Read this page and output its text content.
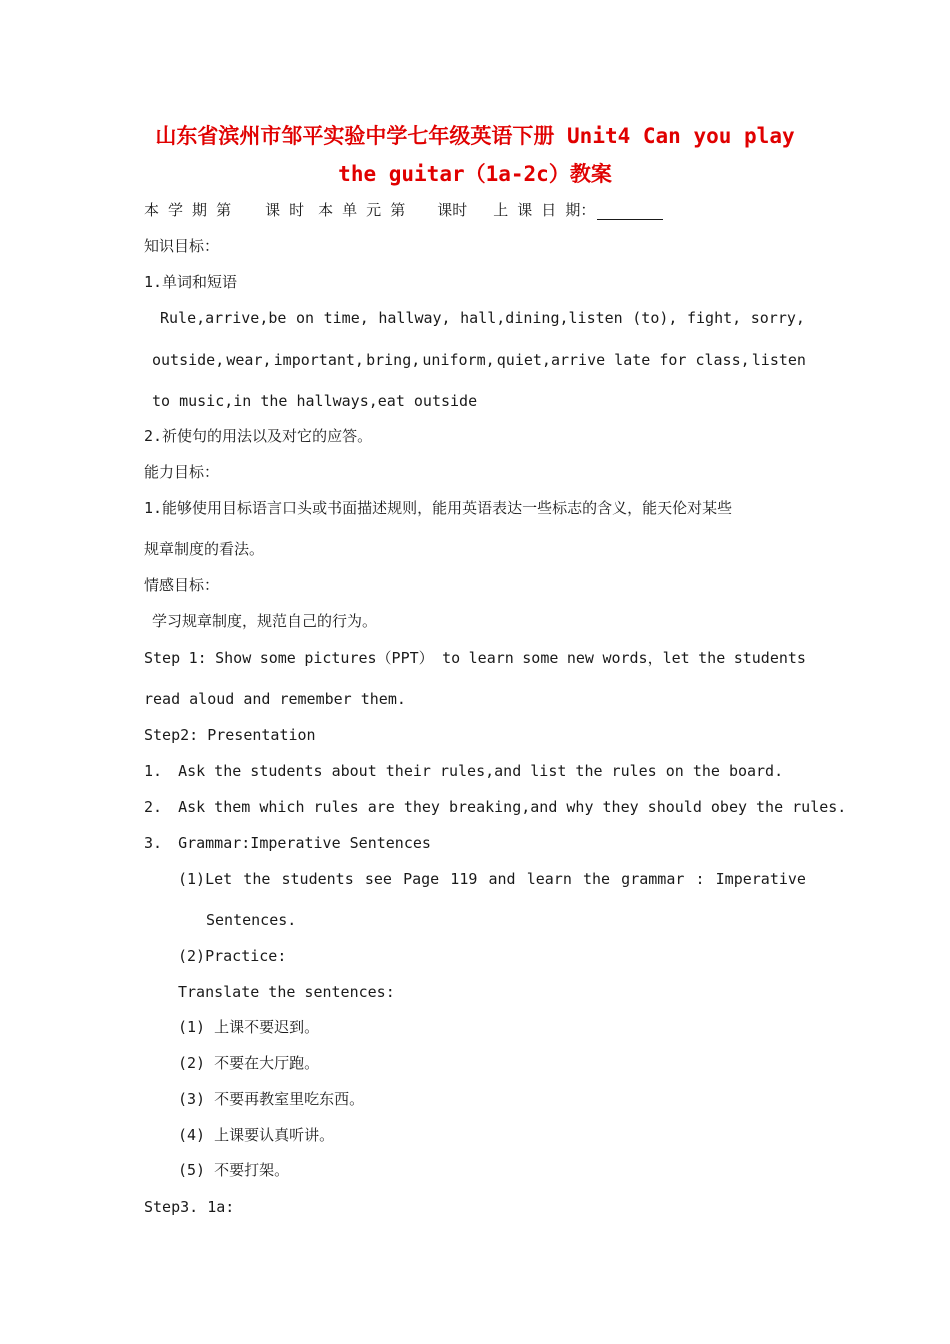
山东省滨州市邹平实验中学七年级英语下册 Unit4 Can you play
the guitar（1a-2c）教案
本 学 期 第 课 时 本 单 元 第 课时 上 课 日 期：
知识目标：
1.单词和短语
Rule,arrive,be on time, hallway, hall,dining,listen (to), fight, sorry,
outside, wear, important, bring, uniform, quiet,arrive late for class, listen
to music,in the hallways,eat outside
2.祈使句的用法以及对它的应答。
能力目标：
1.能够使用目标语言口头或书面描述规则，能用英语表达一些标志的含义，能天伦对某些
规章制度的看法。
情感目标：
学习规章制度，规范自己的行为。
Step 1: Show some pictures（PPT） to learn some new words，let the students
read aloud and remember them.
Step2: Presentation
1. Ask the students about their rules,and list the rules on the board.
2. Ask them which rules are they breaking,and why they should obey the rules.
3. Grammar:Imperative Sentences
(1)Let the students see Page 119 and learn the grammar : Imperative
Sentences.
(2)Practice:
Translate the sentences:
(1) 上课不要迟到。
(2) 不要在大厅跑。
(3) 不要再教室里吃东西。
(4) 上课要认真听讲。
(5) 不要打架。
Step3. 1a:
